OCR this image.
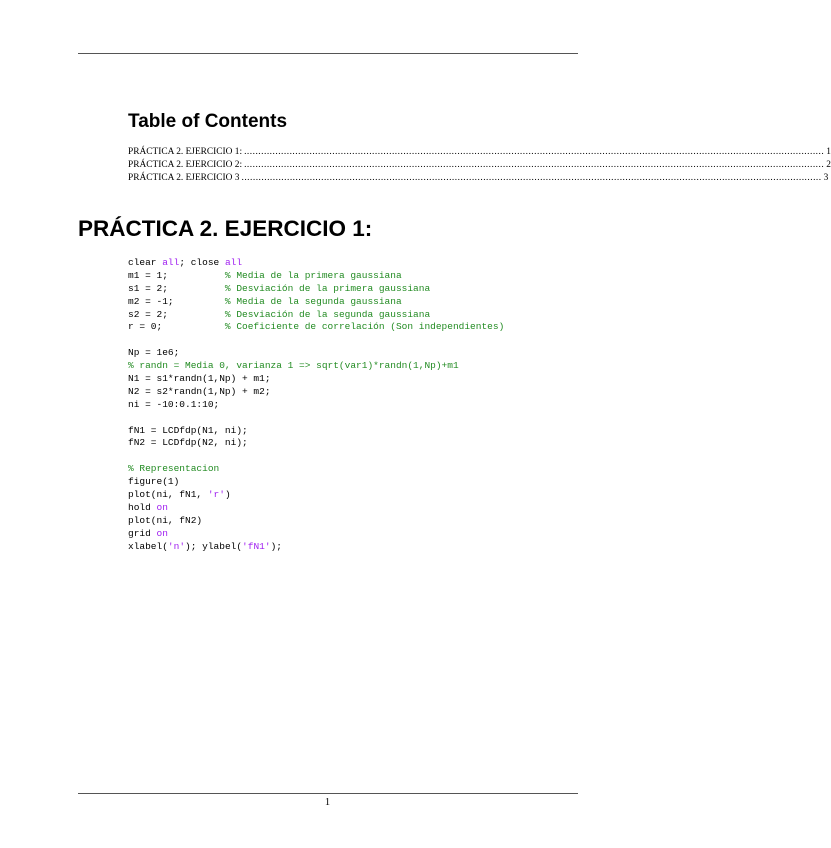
Table of Contents
PRÁCTICA 2. EJERCICIO 1: ............................................................................................................................................................................................................ 1
PRÁCTICA 2. EJERCICIO 2: ............................................................................................................................................................................................................ 2
PRÁCTICA 2. EJERCICIO 3 ............................................................................................................................................................................................................ 3
PRÁCTICA 2. EJERCICIO 1:
clear all; close all
m1 = 1;          % Media de la primera gaussiana
s1 = 2;          % Desviación de la primera gaussiana
m2 = -1;         % Media de la segunda gaussiana
s2 = 2;          % Desviación de la segunda gaussiana
r = 0;           % Coeficiente de correlación (Son independientes)

Np = 1e6;
% randn = Media 0, varianza 1 => sqrt(var1)*randn(1,Np)+m1
N1 = s1*randn(1,Np) + m1;
N2 = s2*randn(1,Np) + m2;
ni = -10:0.1:10;

fN1 = LCDfdp(N1, ni);
fN2 = LCDfdp(N2, ni);

% Representacion
figure(1)
plot(ni, fN1, 'r')
hold on
plot(ni, fN2)
grid on
xlabel('n'); ylabel('fN1');
1
